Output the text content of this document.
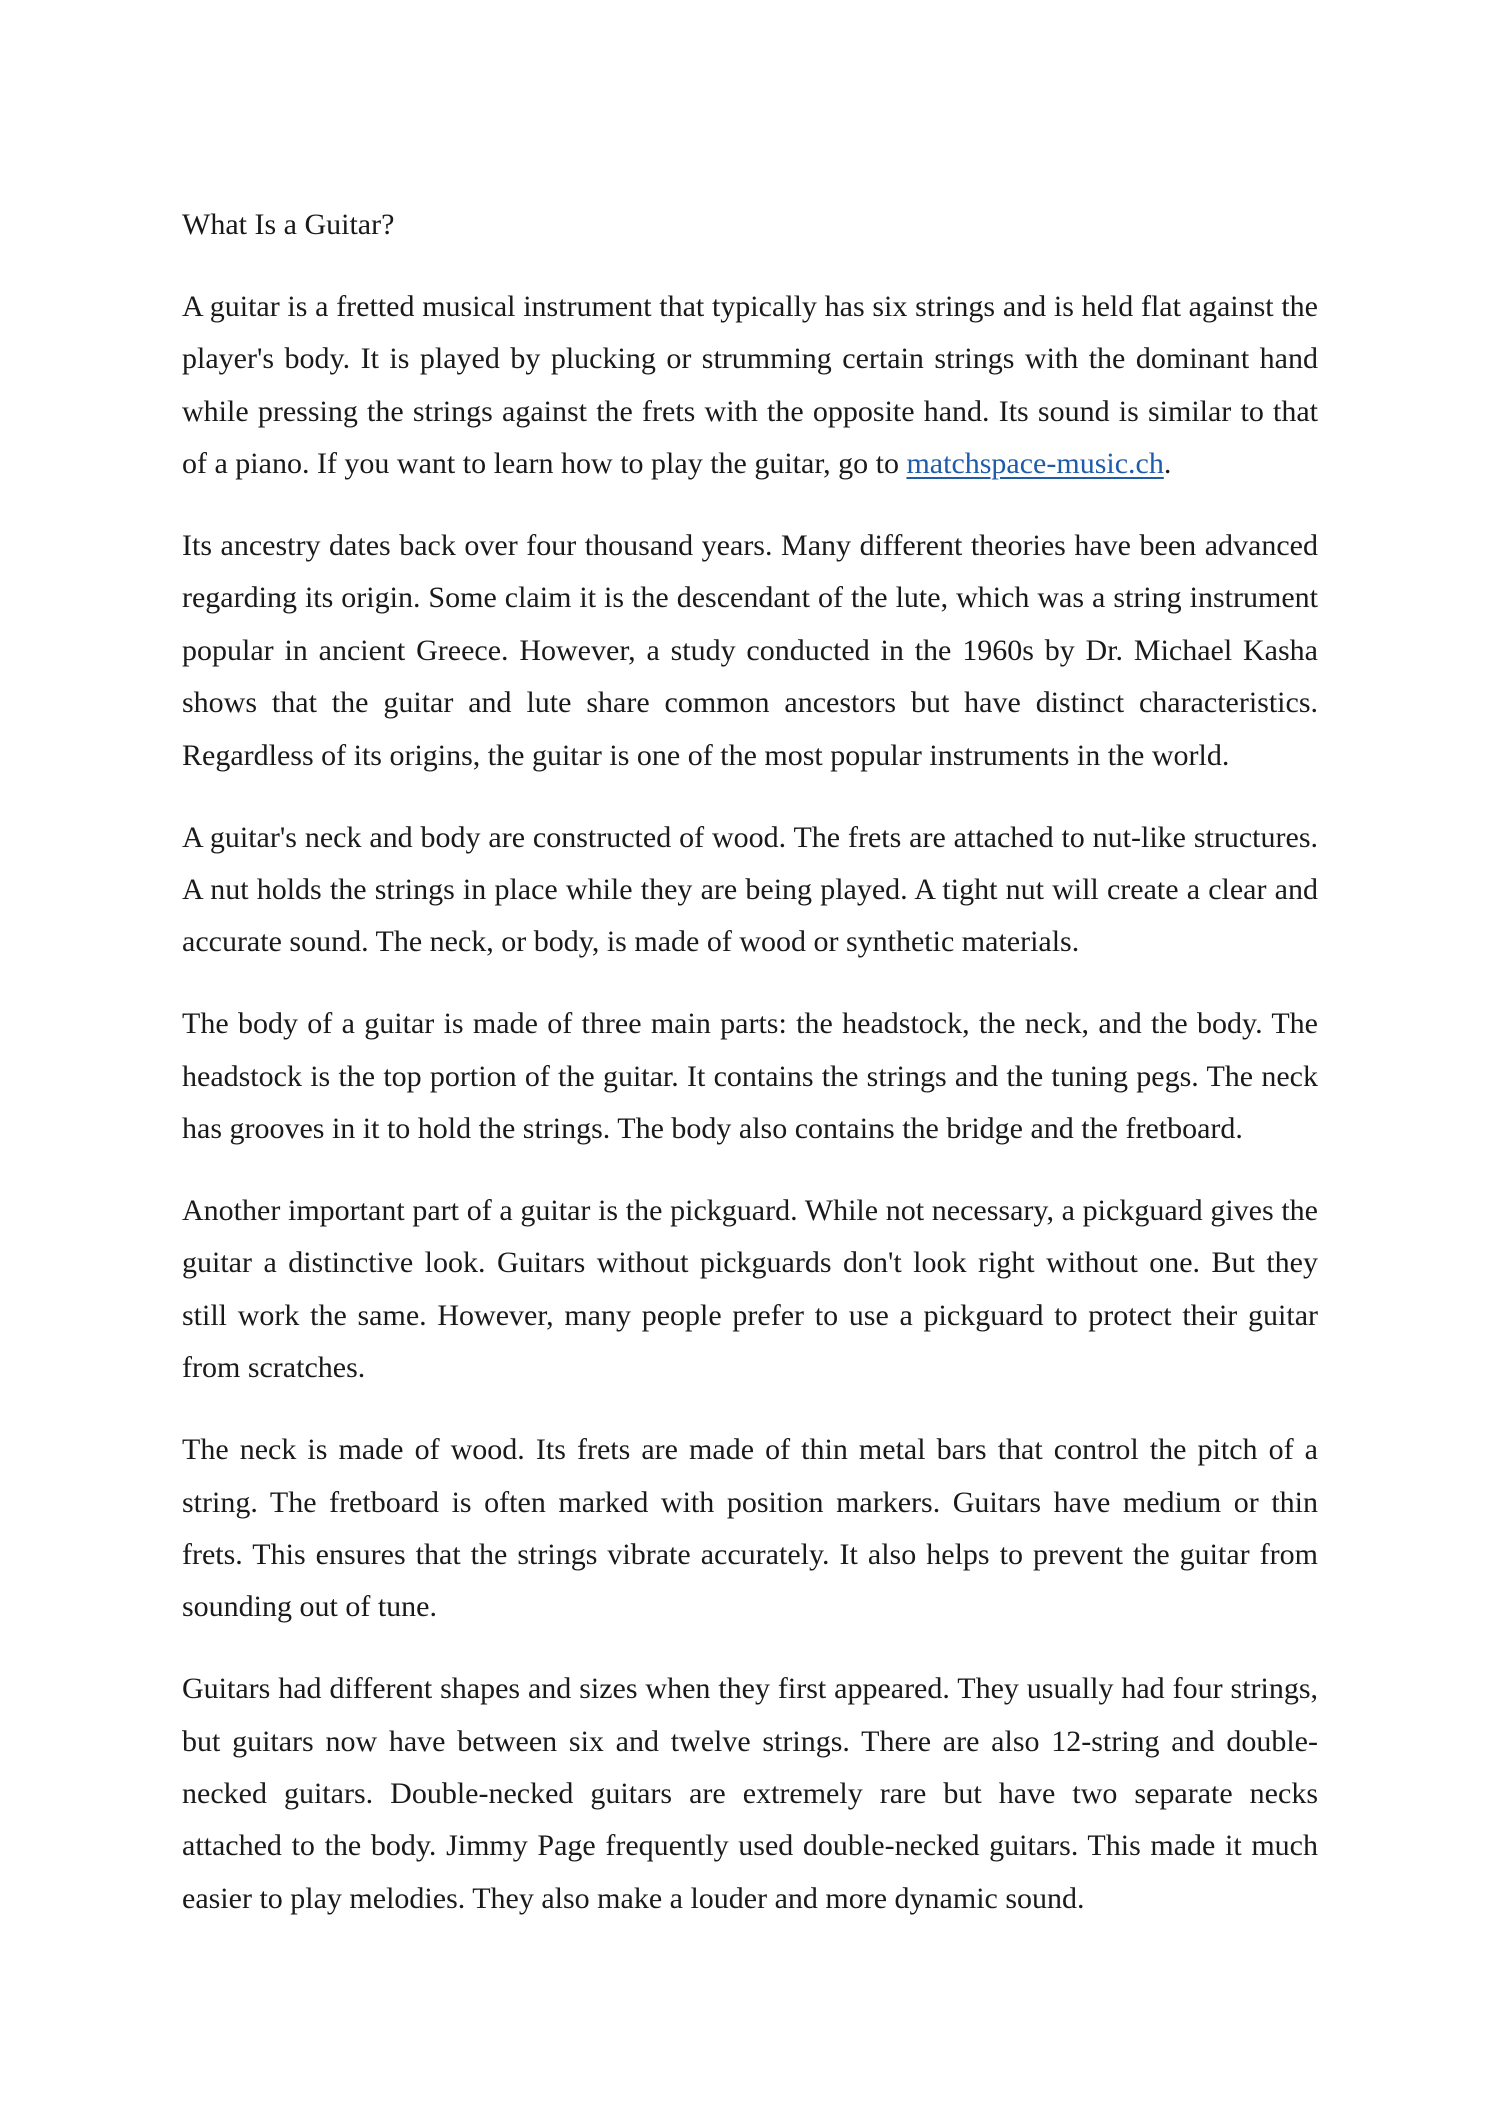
What Is a Guitar?

A guitar is a fretted musical instrument that typically has six strings and is held flat against the player's body. It is played by plucking or strumming certain strings with the dominant hand while pressing the strings against the frets with the opposite hand. Its sound is similar to that of a piano. If you want to learn how to play the guitar, go to matchspace-music.ch.

Its ancestry dates back over four thousand years. Many different theories have been advanced regarding its origin. Some claim it is the descendant of the lute, which was a string instrument popular in ancient Greece. However, a study conducted in the 1960s by Dr. Michael Kasha shows that the guitar and lute share common ancestors but have distinct characteristics. Regardless of its origins, the guitar is one of the most popular instruments in the world.

A guitar's neck and body are constructed of wood. The frets are attached to nut-like structures. A nut holds the strings in place while they are being played. A tight nut will create a clear and accurate sound. The neck, or body, is made of wood or synthetic materials.

The body of a guitar is made of three main parts: the headstock, the neck, and the body. The headstock is the top portion of the guitar. It contains the strings and the tuning pegs. The neck has grooves in it to hold the strings. The body also contains the bridge and the fretboard.

Another important part of a guitar is the pickguard. While not necessary, a pickguard gives the guitar a distinctive look. Guitars without pickguards don't look right without one. But they still work the same. However, many people prefer to use a pickguard to protect their guitar from scratches.

The neck is made of wood. Its frets are made of thin metal bars that control the pitch of a string. The fretboard is often marked with position markers. Guitars have medium or thin frets. This ensures that the strings vibrate accurately. It also helps to prevent the guitar from sounding out of tune.

Guitars had different shapes and sizes when they first appeared. They usually had four strings, but guitars now have between six and twelve strings. There are also 12-string and double-necked guitars. Double-necked guitars are extremely rare but have two separate necks attached to the body. Jimmy Page frequently used double-necked guitars. This made it much easier to play melodies. They also make a louder and more dynamic sound.
